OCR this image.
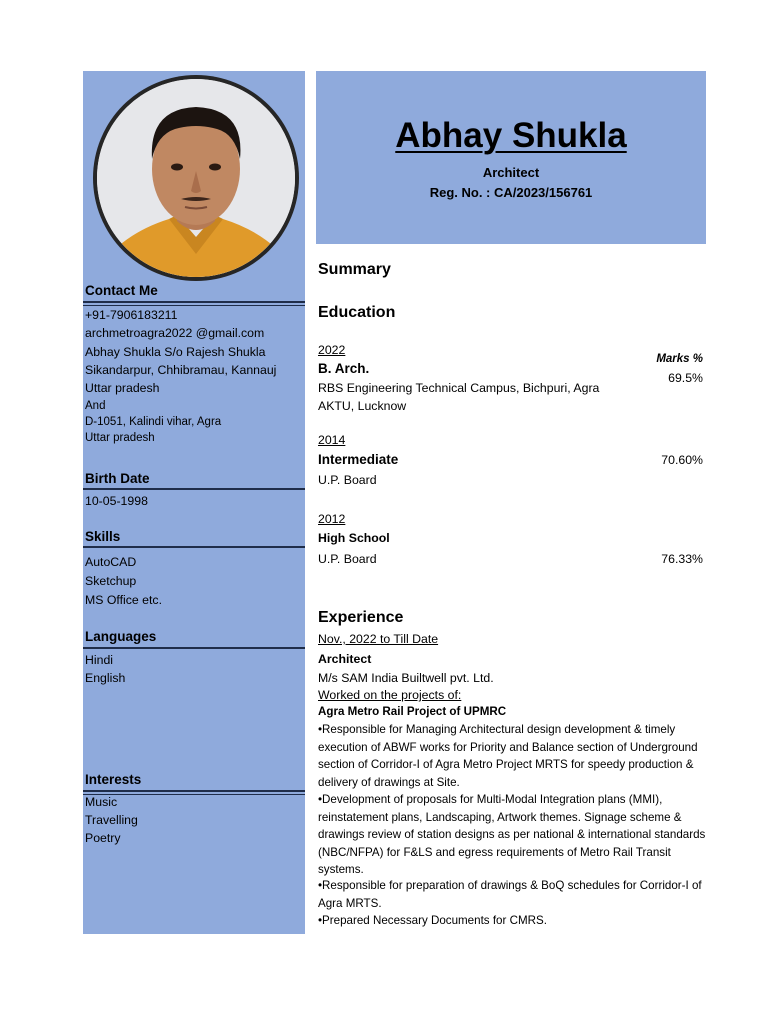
Contact Me
+91-7906183211
archmetroagra2022 @gmail.com
Abhay Shukla S/o Rajesh Shukla
Sikandarpur, Chhibramau, Kannauj
Uttar pradesh
And
D-1051, Kalindi vihar, Agra
Uttar pradesh
Birth Date
10-05-1998
Skills
AutoCAD
Sketchup
MS Office etc.
Languages
Hindi
English
Interests
Music
Travelling
Poetry
Abhay Shukla
Architect
Reg. No. : CA/2023/156761
Summary
Education
Marks %
2022
B. Arch.
69.5%
RBS Engineering Technical Campus, Bichpuri, Agra
AKTU, Lucknow
2014
Intermediate	70.60%
U.P. Board
2012
High School
76.33%
U.P. Board
Experience
Nov., 2022 to Till Date
Architect
M/s SAM India Builtwell pvt. Ltd.
Worked on the projects of:
Agra Metro Rail Project of UPMRC
•Responsible for Managing Architectural design development & timely execution of ABWF works for Priority and Balance section of Underground section of Corridor-I of Agra Metro Project MRTS for speedy production & delivery of drawings at Site.
•Development of proposals for Multi-Modal Integration plans (MMI), reinstatement plans, Landscaping, Artwork themes. Signage scheme & drawings review of station designs as per national & international standards (NBC/NFPA) for F&LS and egress requirements of Metro Rail Transit systems.
•Responsible for preparation of drawings & BoQ schedules for Corridor-I of Agra MRTS.
•Prepared Necessary Documents for CMRS.
